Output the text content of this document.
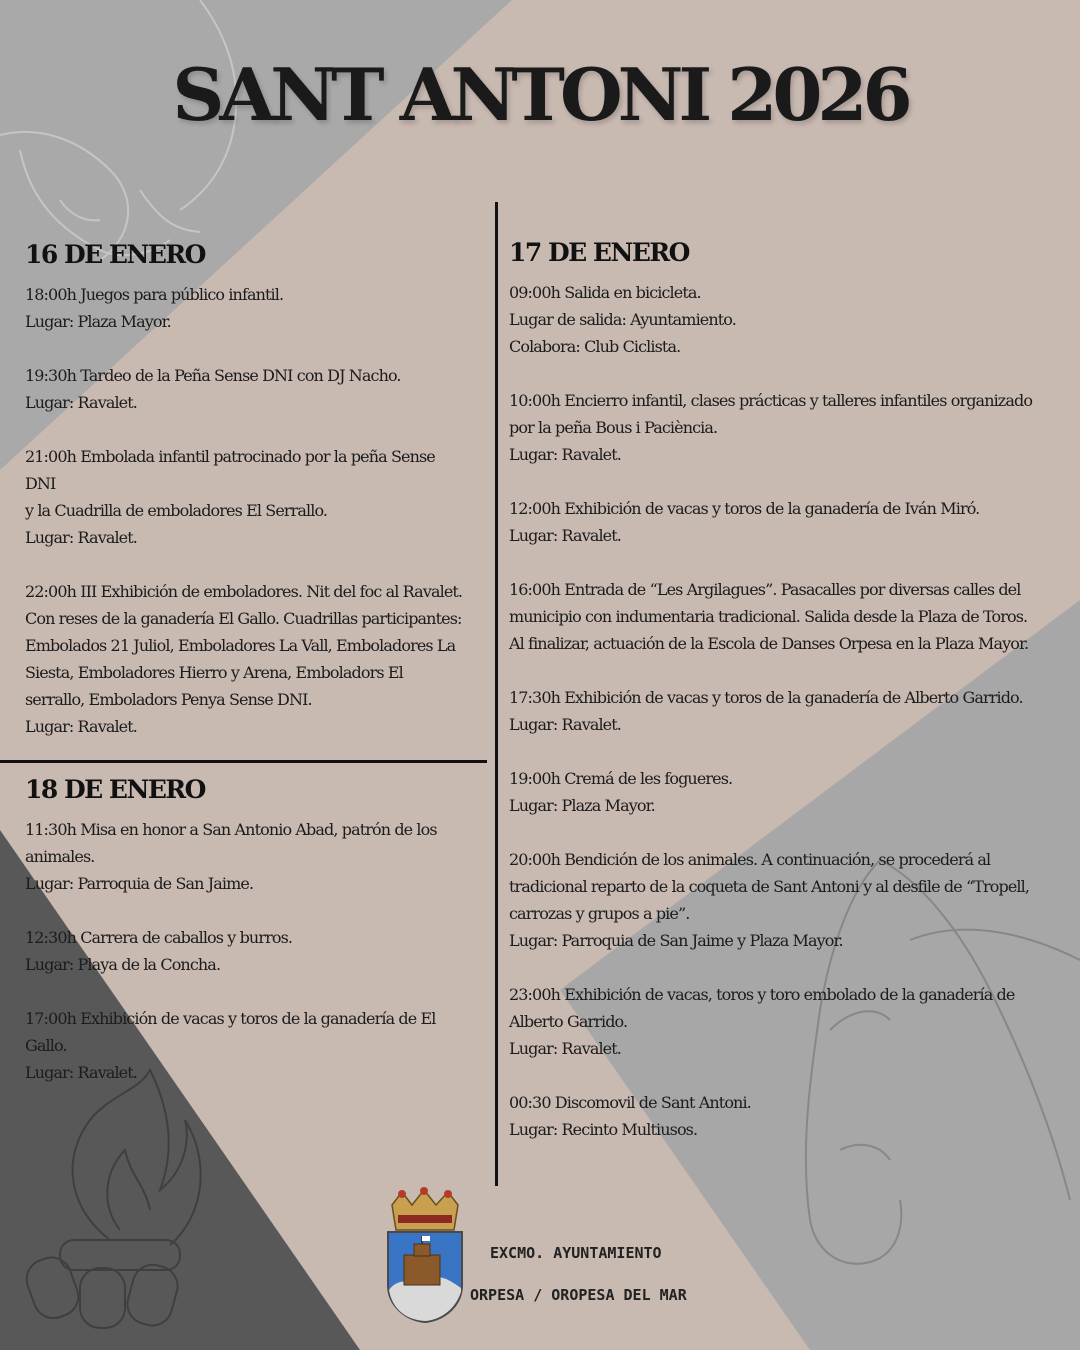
SANT ANTONI 2026
16 DE ENERO
18:00h Juegos para público infantil.
Lugar: Plaza Mayor.
19:30h Tardeo de la Peña Sense DNI con DJ Nacho.
Lugar: Ravalet.
21:00h Embolada infantil patrocinado por la peña Sense
DNI
y la Cuadrilla de emboladores El Serrallo.
Lugar: Ravalet.
22:00h III Exhibición de emboladores. Nit del foc al Ravalet.
Con reses de la ganadería El Gallo. Cuadrillas participantes:
Embolados 21 Juliol, Emboladores La Vall, Emboladores La
Siesta, Emboladores Hierro y Arena, Emboladors El
serrallo, Emboladors Penya Sense DNI.
Lugar: Ravalet.
18 DE ENERO
11:30h Misa en honor a San Antonio Abad, patrón de los
animales.
Lugar: Parroquia de San Jaime.
12:30h Carrera de caballos y burros.
Lugar: Playa de la Concha.
17:00h Exhibición de vacas y toros de la ganadería de El
Gallo.
Lugar: Ravalet.
17 DE ENERO
09:00h Salida en bicicleta.
Lugar de salida: Ayuntamiento.
Colabora: Club Ciclista.
10:00h Encierro infantil, clases prácticas y talleres infantiles organizado
por la peña Bous i Paciència.
Lugar: Ravalet.
12:00h Exhibición de vacas y toros de la ganadería de Iván Miró.
Lugar: Ravalet.
16:00h Entrada de “Les Argilagues”. Pasacalles por diversas calles del
municipio con indumentaria tradicional. Salida desde la Plaza de Toros.
Al finalizar, actuación de la Escola de Danses Orpesa en la Plaza Mayor.
17:30h Exhibición de vacas y toros de la ganadería de Alberto Garrido.
Lugar: Ravalet.
19:00h Cremá de les fogueres.
Lugar: Plaza Mayor.
20:00h Bendición de los animales. A continuación, se procederá al
tradicional reparto de la coqueta de Sant Antoni y al desfile de “Tropell,
carrozas y grupos a pie”.
Lugar: Parroquia de San Jaime y Plaza Mayor.
23:00h Exhibición de vacas, toros y toro embolado de la ganadería de
Alberto Garrido.
Lugar: Ravalet.
00:30 Discomovil de Sant Antoni.
Lugar: Recinto Multiusos.
EXCMO. AYUNTAMIENTO
ORPESA / OROPESA DEL MAR
